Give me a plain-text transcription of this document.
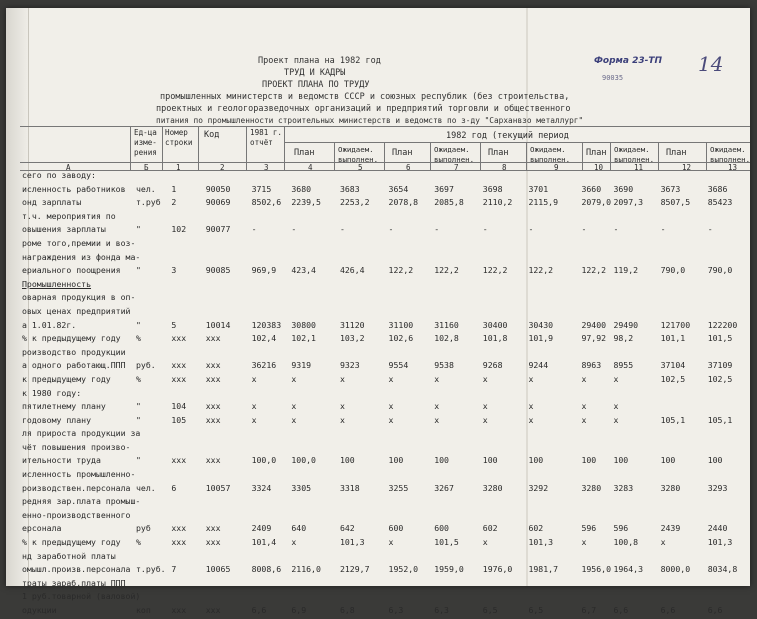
Проект плана на 1982 год
ТРУД И КАДРЫ
ПРОЕКТ ПЛАНА ПО ТРУДУ
промышленных министерств и ведомств СССР и союзных республик (без строительства,
проектных и геологоразведочных организаций и предприятий торговли и общественного
питания по промышленности строительных министерств и ведомств по з-ду "Сарханвзо металлург"
Форма 23-ТП
90035
14
Ед-ца изме-рения
Номер строки
Код	1981 г. отчёт
1982 год (текущий период
План	Ожидаем. выполнен.
План	Ожидаем. выполнен.
План	Ожидаем. выполнен.
План Ожидаем. выполнен.
План	Ожидаем. выполнен.
А	Б	1	2	3	4	5	6	7	8	9	10	11	12	13
сего по заводу:														
исленность работников	чел.	1	90050	3715	3680	3683	3654	3697	3698	3701	3660	3690	3673	3686
онд зарплаты	т.руб	2	90069	8502,6	2239,5	2253,2	2078,8	2085,8	2110,2	2115,9	2079,0	2097,3	8507,5	85423
т.ч. мероприятия по														
овышения зарплаты	"	102	90077	-	-	-	-	-	-	-	-	-	-	-
роме того,премии и воз-														
награждения из фонда ма-														
ериального поощрения	"	3	90085	969,9	423,4	426,4	122,2	122,2	122,2	122,2	122,2	119,2	790,0	790,0
Промышленность														
оварная продукция в оп-														
овых ценах предприятий														
а 1.01.82г.	"	5	10014	120383	30800	31120	31100	31160	30400	30430	29400	29490	121700	122200
% к предыдущему году	%	xxx	xxx	102,4	102,1	103,2	102,6	102,8	101,8	101,9	97,92	98,2	101,1	101,5
роизводство продукции														
а одного работающ.ППП	руб.	xxx	xxx	36216	9319	9323	9554	9538	9268	9244	8963	8955	37104	37109
к предыдущему году	%	xxx	xxx	x	x	x	x	x	x	x	x	x	102,5	102,5
к 1980 году:														
пятилетнему плану	"	104	xxx	x	x	x	x	x	x	x	x	x		
годовому плану	"	105	xxx	x	x	x	x	x	x	x	x	x	105,1	105,1
ля прироста продукции за														
чёт повышения произво-														
ительности труда	"	xxx	xxx	100,0	100,0	100	100	100	100	100	100	100	100	100
исленность промышленно-														
роизводствен.персонала	чел.	6	10057	3324	3305	3318	3255	3267	3280	3292	3280	3283	3280	3293
редняя зар.плата промыш-														
енно-производственного														
ерсонала	руб	xxx	xxx	2409	640	642	600	600	602	602	596	596	2439	2440
% к предыдущему году	%	xxx	xxx	101,4	x	101,3	x	101,5	x	101,3	x	100,8	x	101,3
нд заработной платы														
омышл.произв.персонала	т.руб.	7	10065	8008,6	2116,0	2129,7	1952,0	1959,0	1976,0	1981,7	1956,0	1964,3	8000,0	8034,8
траты зараб.платы ППП														
1 руб.товарной (валовой)														
одукции	коп	xxx	xxx	6,6	6,9	6,8	6,3	6,3	6,5	6,5	6,7	6,6	6,6	6,6
